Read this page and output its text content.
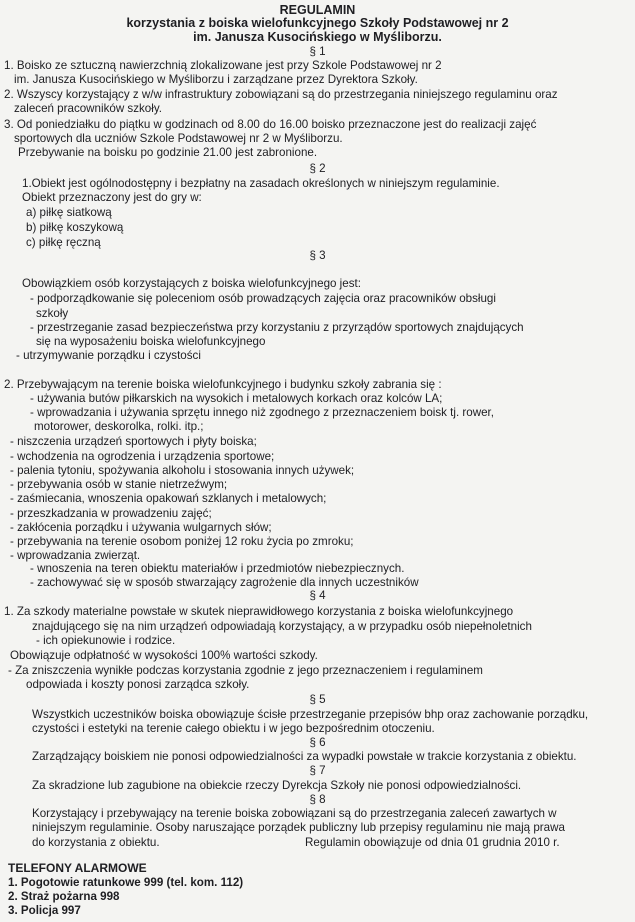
REGULAMIN
korzystania z boiska wielofunkcyjnego Szkoły Podstawowej nr 2
im. Janusza Kusocińskiego w Myśliborzu.
§ 1
1. Boisko ze sztuczną nawierzchnią zlokalizowane jest przy Szkole Podstawowej nr 2
im. Janusza Kusocińskiego w Myśliborzu i zarządzane przez Dyrektora Szkoły.
2. Wszyscy korzystający z w/w infrastruktury zobowiązani są do przestrzegania niniejszego regulaminu oraz
zaleceń pracowników szkoły.
3. Od poniedziałku do piątku w godzinach od 8.00 do 16.00 boisko przeznaczone jest do realizacji zajęć
sportowych dla uczniów Szkole Podstawowej nr 2 w Myśliborzu.
Przebywanie na boisku po godzinie 21.00 jest zabronione.
§ 2
1.Obiekt jest ogólnodostępny i bezpłatny na zasadach określonych w niniejszym regulaminie.
Obiekt przeznaczony jest do gry w:
a) piłkę siatkową
b) piłkę koszykową
c) piłkę ręczną
§ 3
Obowiązkiem osób korzystających z boiska wielofunkcyjnego jest:
- podporządkowanie się poleceniom osób prowadzących zajęcia oraz pracowników obsługi
szkoły
- przestrzeganie zasad bezpieczeństwa przy korzystaniu z przyrządów sportowych znajdujących
się na wyposażeniu boiska wielofunkcyjnego
- utrzymywanie porządku i czystości
2. Przebywającym na terenie boiska wielofunkcyjnego i budynku szkoły zabrania się :
- używania butów piłkarskich na wysokich i metalowych korkach oraz kolców LA;
- wprowadzania i używania sprzętu innego niż zgodnego z przeznaczeniem boisk tj. rower,
motorower, deskorolka, rolki. itp.;
- niszczenia urządzeń sportowych i płyty boiska;
- wchodzenia na ogrodzenia i urządzenia sportowe;
- palenia tytoniu, spożywania alkoholu i stosowania innych używek;
- przebywania osób w stanie nietrzeźwym;
- zaśmiecania, wnoszenia opakowań szklanych i metalowych;
- przeszkadzania w prowadzeniu zajęć;
- zakłócenia porządku i używania wulgarnych słów;
- przebywania na terenie osobom poniżej 12 roku życia po zmroku;
- wprowadzania zwierząt.
- wnoszenia na teren obiektu materiałów i przedmiotów niebezpiecznych.
- zachowywać się w sposób stwarzający zagrożenie dla innych uczestników
§ 4
1. Za szkody materialne powstałe w skutek nieprawidłowego korzystania z boiska wielofunkcyjnego
znajdującego się na nim urządzeń odpowiadają korzystający, a w przypadku osób niepełnoletnich
- ich opiekunowie i rodzice.
Obowiązuje odpłatność w wysokości 100% wartości szkody.
- Za zniszczenia wynikłe podczas korzystania zgodnie z jego przeznaczeniem i regulaminem
odpowiada i koszty ponosi zarządca szkoły.
§ 5
Wszystkich uczestników boiska obowiązuje ścisłe przestrzeganie przepisów bhp oraz zachowanie porządku,
czystości i estetyki na terenie całego obiektu i w jego bezpośrednim otoczeniu.
§ 6
Zarządzający boiskiem nie ponosi odpowiedzialności za wypadki powstałe w trakcie korzystania z obiektu.
§ 7
Za skradzione lub zagubione na obiekcie rzeczy Dyrekcja Szkoły nie ponosi odpowiedzialności.
§ 8
Korzystający i przebywający na terenie boiska zobowiązani są do przestrzegania zaleceń zawartych w
niniejszym regulaminie. Osoby naruszające porządek publiczny lub przepisy regulaminu nie mają prawa
do korzystania z obiektu.	Regulamin obowiązuje od dnia 01 grudnia 2010 r.
TELEFONY ALARMOWE
1. Pogotowie ratunkowe 999 (tel. kom. 112)
2. Straż pożarna 998
3. Policja 997
